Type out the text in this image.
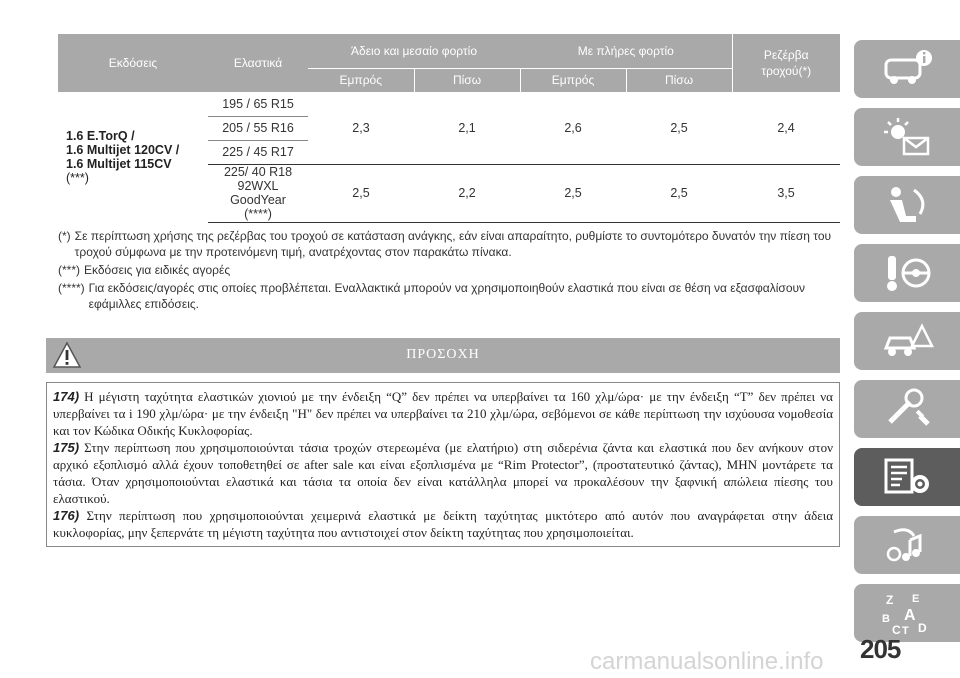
Εκδόσεις	Ελαστικά	Άδειο και μεσαίο φορτίο		Με πλήρες φορτίο		Ρεζέρβα τροχού(*)
		Εμπρός	Πίσω	Εμπρός	Πίσω	
1.6 E.TorQ /
1.6 Multijet 120CV /
1.6 Multijet 115CV
(***)	195 / 65 R15	2,3	2,1	2,6	2,5	2,4
	205 / 55 R16					
	225 / 45 R17					
	225/ 40 R18 92WXL GoodYear (****)	2,5	2,2	2,5	2,5	3,5
(*) Σε περίπτωση χρήσης της ρεζέρβας του τροχού σε κατάσταση ανάγκης, εάν είναι απαραίτητο, ρυθμίστε το συντομότερο δυνατόν την πίεση του τροχού σύμφωνα με την προτεινόμενη τιμή, ανατρέχοντας στον παρακάτω πίνακα.
(***) Εκδόσεις για ειδικές αγορές
(****) Για εκδόσεις/αγορές στις οποίες προβλέπεται. Εναλλακτικά μπορούν να χρησιμοποιηθούν ελαστικά που είναι σε θέση να εξασφαλίσουν εφάμιλλες επιδόσεις.
ΠΡΟΣΟΧΗ

174) Η μέγιστη ταχύτητα ελαστικών χιονιού με την ένδειξη “Q” δεν πρέπει να υπερβαίνει τα 160 χλμ/ώρα· με την ένδειξη “T” δεν πρέπει να υπερβαίνει τα i 190 χλμ/ώρα· με την ένδειξη "H" δεν πρέπει να υπερβαίνει τα 210 χλμ/ώρα, σεβόμενοι σε κάθε περίπτωση την ισχύουσα νομοθεσία και τον Κώδικα Οδικής Κυκλοφορίας.

175) Στην περίπτωση που χρησιμοποιούνται τάσια τροχών στερεωμένα (με ελατήριο) στη σιδερένια ζάντα και ελαστικά που δεν ανήκουν στον αρχικό εξοπλισμό αλλά έχουν τοποθετηθεί σε after sale και είναι εξοπλισμένα με “Rim Protector”, (προστατευτικό ζάντας), ΜΗΝ μοντάρετε τα τάσια. Όταν χρησιμοποιούνται ελαστικά και τάσια τα οποία δεν είναι κατάλληλα μπορεί να προκαλέσουν την ξαφνική απώλεια πίεσης του ελαστικού.

176) Στην περίπτωση που χρησιμοποιούνται χειμερινά ελαστικά με δείκτη ταχύτητας μικτότερο από αυτόν που αναγράφεται στην άδεια κυκλοφορίας, μην ξεπερνάτε τη μέγιστη ταχύτητα που αντιστοιχεί στον δείκτη ταχύτητας που χρησιμοποιείται.

Z E
B A
C T D
205
carmanualsonline.info
